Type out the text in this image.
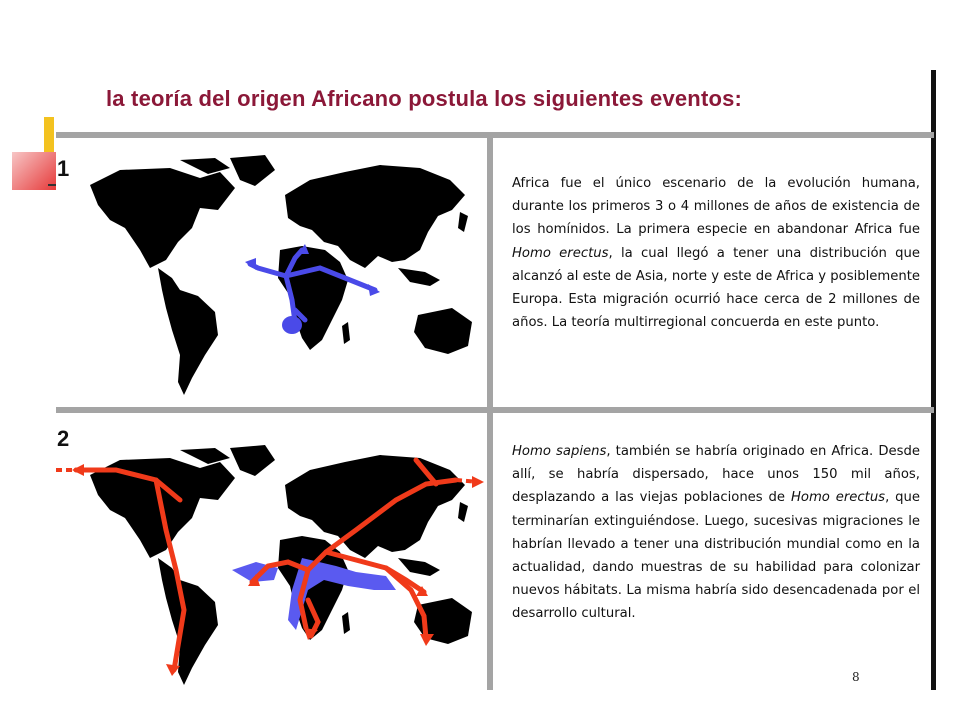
la teoría del origen Africano postula los siguientes eventos:
1
2
Africa fue el único escenario de la evolución humana, durante los primeros 3 o 4 millones de años de existencia de los homínidos. La primera especie en abandonar Africa fue Homo erectus, la cual llegó a tener una distribución que alcanzó al este de Asia, norte y este de Africa y posiblemente Europa. Esta migración ocurrió hace cerca de 2 millones de años. La teoría multirregional concuerda en este punto.
Homo sapiens, también se habría originado en Africa. Desde allí, se habría dispersado, hace unos 150 mil años, desplazando a las viejas poblaciones de Homo erectus, que terminarían extinguiéndose. Luego, sucesivas migraciones le habrían llevado a tener una distribución mundial como en la actualidad, dando muestras de su habilidad para colonizar nuevos hábitats. La misma habría sido desencadenada por el desarrollo cultural.
8
